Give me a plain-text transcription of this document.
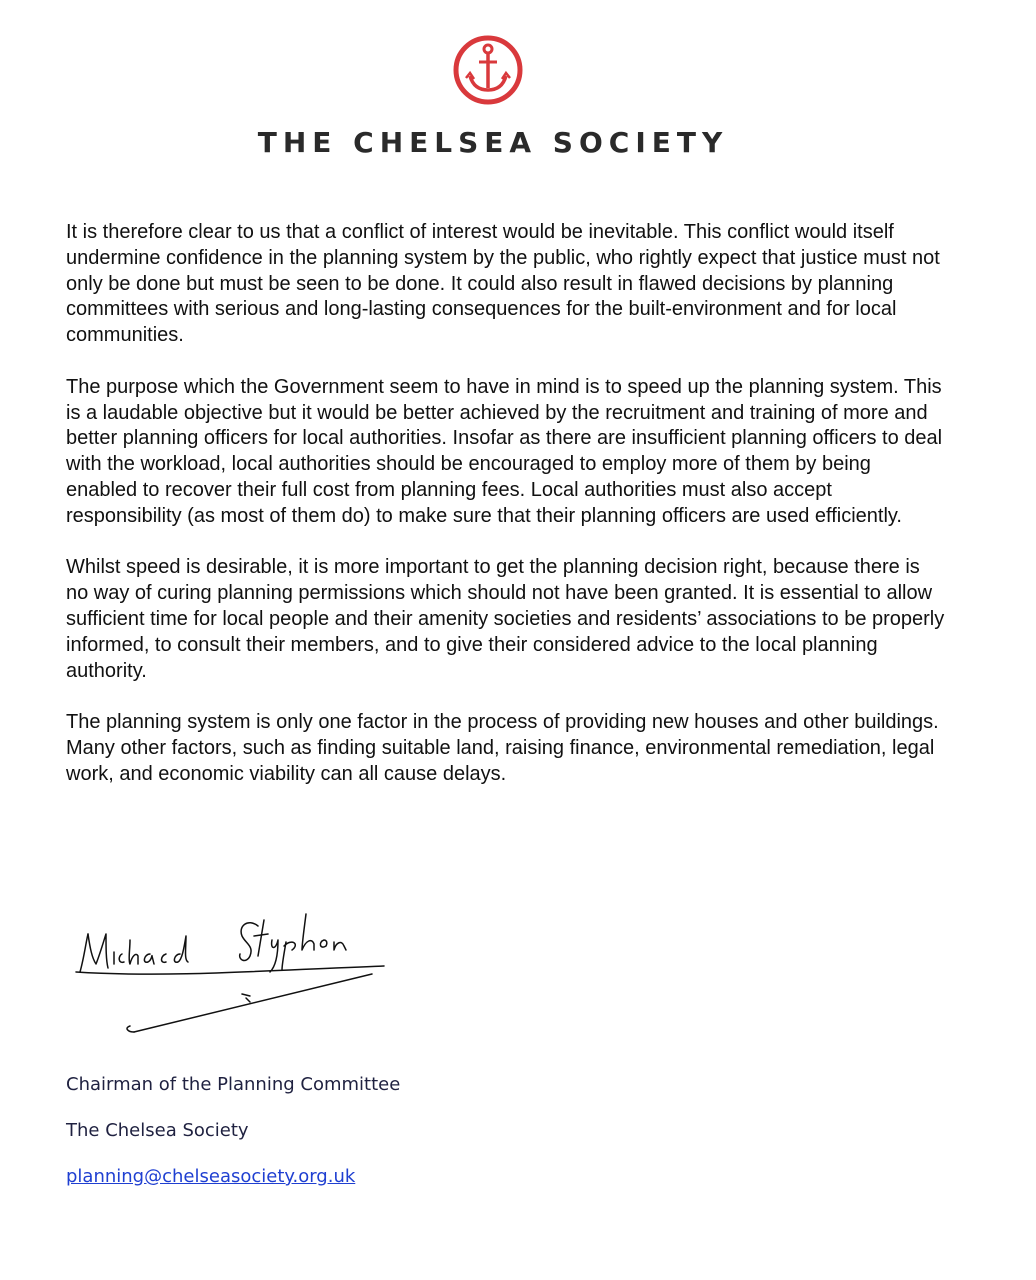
THE CHELSEA SOCIETY

It is therefore clear to us that a conflict of interest would be inevitable. This conflict would itself undermine confidence in the planning system by the public, who rightly expect that justice must not only be done but must be seen to be done. It could also result in flawed decisions by planning committees with serious and long-lasting consequences for the built-environment and for local communities.

The purpose which the Government seem to have in mind is to speed up the planning system. This is a laudable objective but it would be better achieved by the recruitment and training of more and better planning officers for local authorities. Insofar as there are insufficient planning officers to deal with the workload, local authorities should be encouraged to employ more of them by being enabled to recover their full cost from planning fees. Local authorities must also accept responsibility (as most of them do) to make sure that their planning officers are used efficiently.

Whilst speed is desirable, it is more important to get the planning decision right, because there is no way of curing planning permissions which should not have been granted. It is essential to allow sufficient time for local people and their amenity societies and residents’ associations to be properly informed, to consult their members, and to give their considered advice to the local planning authority.

The planning system is only one factor in the process of providing new houses and other buildings. Many other factors, such as finding suitable land, raising finance, environmental remediation, legal work, and economic viability can all cause delays.

Chairman of the Planning Committee
The Chelsea Society
planning@chelseasociety.org.uk
